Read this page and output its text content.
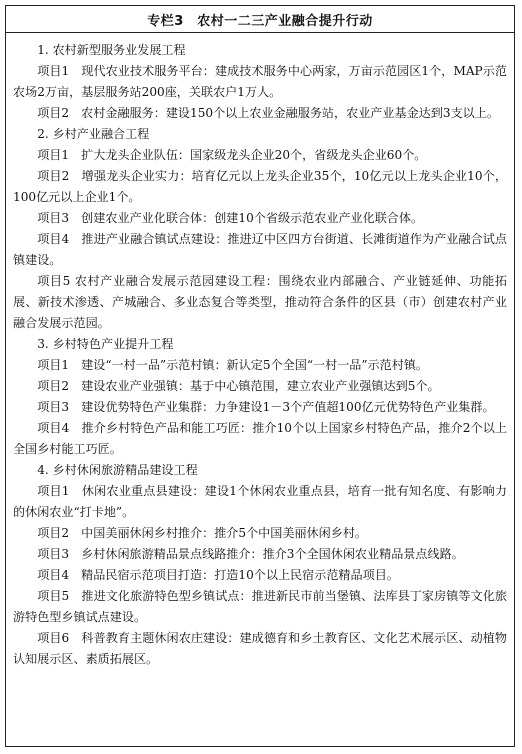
专栏3　农村一二三产业融合提升行动

1. 农村新型服务业发展工程

项目1　现代农业技术服务平台：建成技术服务中心两家，万亩示范园区1个，MAP示范农场2万亩，基层服务站200座，关联农户1万人。

项目2　农村金融服务：建设150个以上农业金融服务站，农业产业基金达到3支以上。

2. 乡村产业融合工程

项目1　扩大龙头企业队伍：国家级龙头企业20个，省级龙头企业60个。

项目2　增强龙头企业实力：培育亿元以上龙头企业35个，10亿元以上龙头企业10个，100亿元以上企业1个。

项目3　创建农业产业化联合体：创建10个省级示范农业产业化联合体。

项目4　推进产业融合镇试点建设：推进辽中区四方台街道、长滩街道作为产业融合试点镇建设。

项目5 农村产业融合发展示范园建设工程：围绕农业内部融合、产业链延伸、功能拓展、新技术渗透、产城融合、多业态复合等类型，推动符合条件的区县（市）创建农村产业融合发展示范园。

3. 乡村特色产业提升工程

项目1　建设“一村一品”示范村镇：新认定5个全国“一村一品”示范村镇。

项目2　建设农业产业强镇：基于中心镇范围，建立农业产业强镇达到5个。

项目3　建设优势特色产业集群：力争建设1－3个产值超100亿元优势特色产业集群。

项目4　推介乡村特色产品和能工巧匠：推介10个以上国家乡村特色产品，推介2个以上全国乡村能工巧匠。

4. 乡村休闲旅游精品建设工程

项目1　休闲农业重点县建设：建设1个休闲农业重点县，培育一批有知名度、有影响力的休闲农业“打卡地”。

项目2　中国美丽休闲乡村推介：推介5个中国美丽休闲乡村。

项目3　乡村休闲旅游精品景点线路推介：推介3个全国休闲农业精品景点线路。

项目4　精品民宿示范项目打造：打造10个以上民宿示范精品项目。

项目5　推进文化旅游特色型乡镇试点：推进新民市前当堡镇、法库县丁家房镇等文化旅游特色型乡镇试点建设。

项目6　科普教育主题休闲农庄建设：建成德育和乡土教育区、文化艺术展示区、动植物认知展示区、素质拓展区。
